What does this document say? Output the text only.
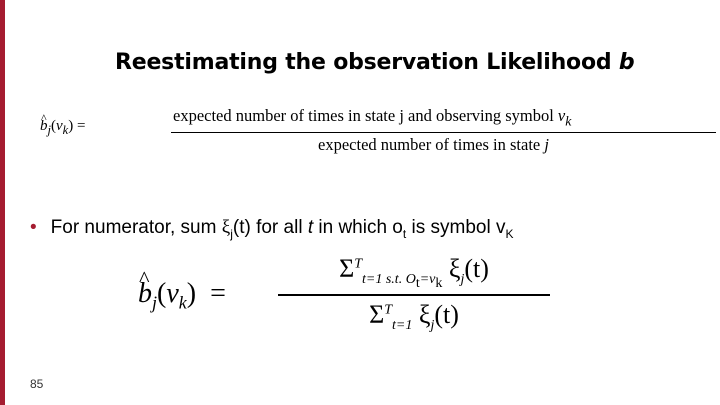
Reestimating the observation Likelihood b
^ $b_j(v_k)$ =
expected number of times in state j and observing symbol $v_k$
expected number of times in state j
• For numerator, sum $\xi_j(t)$ for all t in which $o_t$ is symbol $v_K$
^ $b_j(v_k)$ =
$\Sigma^T_{t=1 s.t. O_t=v_k}$ $\xi_j(t)$
$\Sigma^T_{t=1}$ $\xi_j(t)$
85
